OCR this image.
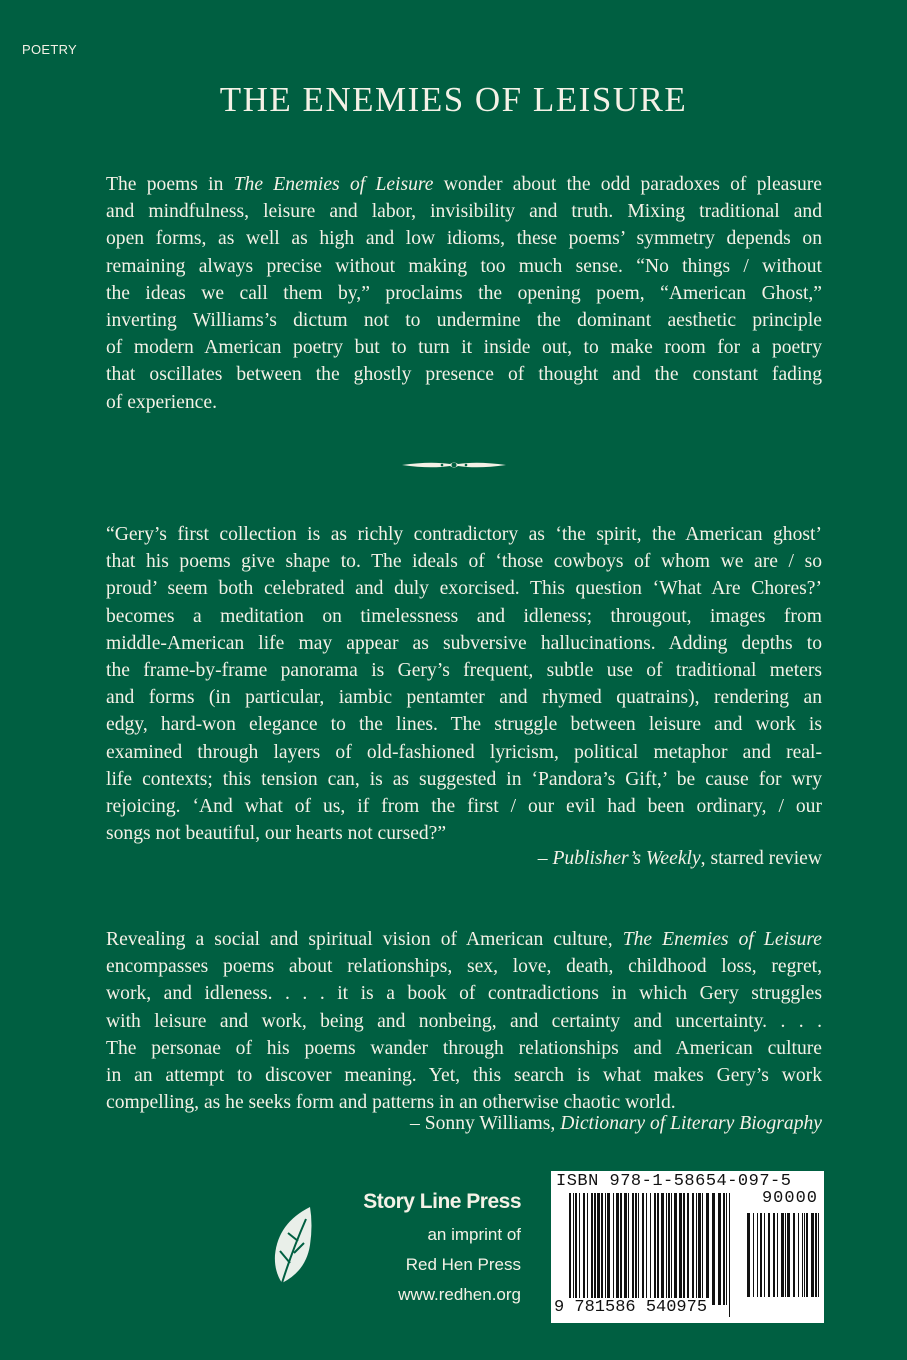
POETRY
THE ENEMIES OF LEISURE
The poems in The Enemies of Leisure wonder about the odd paradoxes of pleasure
and mindfulness, leisure and labor, invisibility and truth. Mixing traditional and
open forms, as well as high and low idioms, these poems’ symmetry depends on
remaining always precise without making too much sense. “No things / without
the ideas we call them by,” proclaims the opening poem, “American Ghost,”
inverting Williams’s dictum not to undermine the dominant aesthetic principle
of modern American poetry but to turn it inside out, to make room for a poetry
that oscillates between the ghostly presence of thought and the constant fading
of experience.
“Gery’s first collection is as richly contradictory as ‘the spirit, the American ghost’
that his poems give shape to. The ideals of ‘those cowboys of whom we are / so
proud’ seem both celebrated and duly exorcised. This question ‘What Are Chores?’
becomes a meditation on timelessness and idleness; througout, images from
middle-American life may appear as subversive hallucinations. Adding depths to
the frame-by-frame panorama is Gery’s frequent, subtle use of traditional meters
and forms (in particular, iambic pentamter and rhymed quatrains), rendering an
edgy, hard-won elegance to the lines. The struggle between leisure and work is
examined through layers of old-fashioned lyricism, political metaphor and real-
life contexts; this tension can, is as suggested in ‘Pandora’s Gift,’ be cause for wry
rejoicing. ‘And what of us, if from the first / our evil had been ordinary, / our
songs not beautiful, our hearts not cursed?”
– Publisher’s Weekly, starred review
Revealing a social and spiritual vision of American culture, The Enemies of Leisure
encompasses poems about relationships, sex, love, death, childhood loss, regret,
work, and idleness. . . . it is a book of contradictions in which Gery struggles
with leisure and work, being and nonbeing, and certainty and uncertainty. . . .
The personae of his poems wander through relationships and American culture
in an attempt to discover meaning. Yet, this search is what makes Gery’s work
compelling, as he seeks form and patterns in an otherwise chaotic world.
– Sonny Williams, Dictionary of Literary Biography
Story Line Press
an imprint of
Red Hen Press
www.redhen.org
ISBN 978-1-58654-097-5
90000
9 781586 540975
